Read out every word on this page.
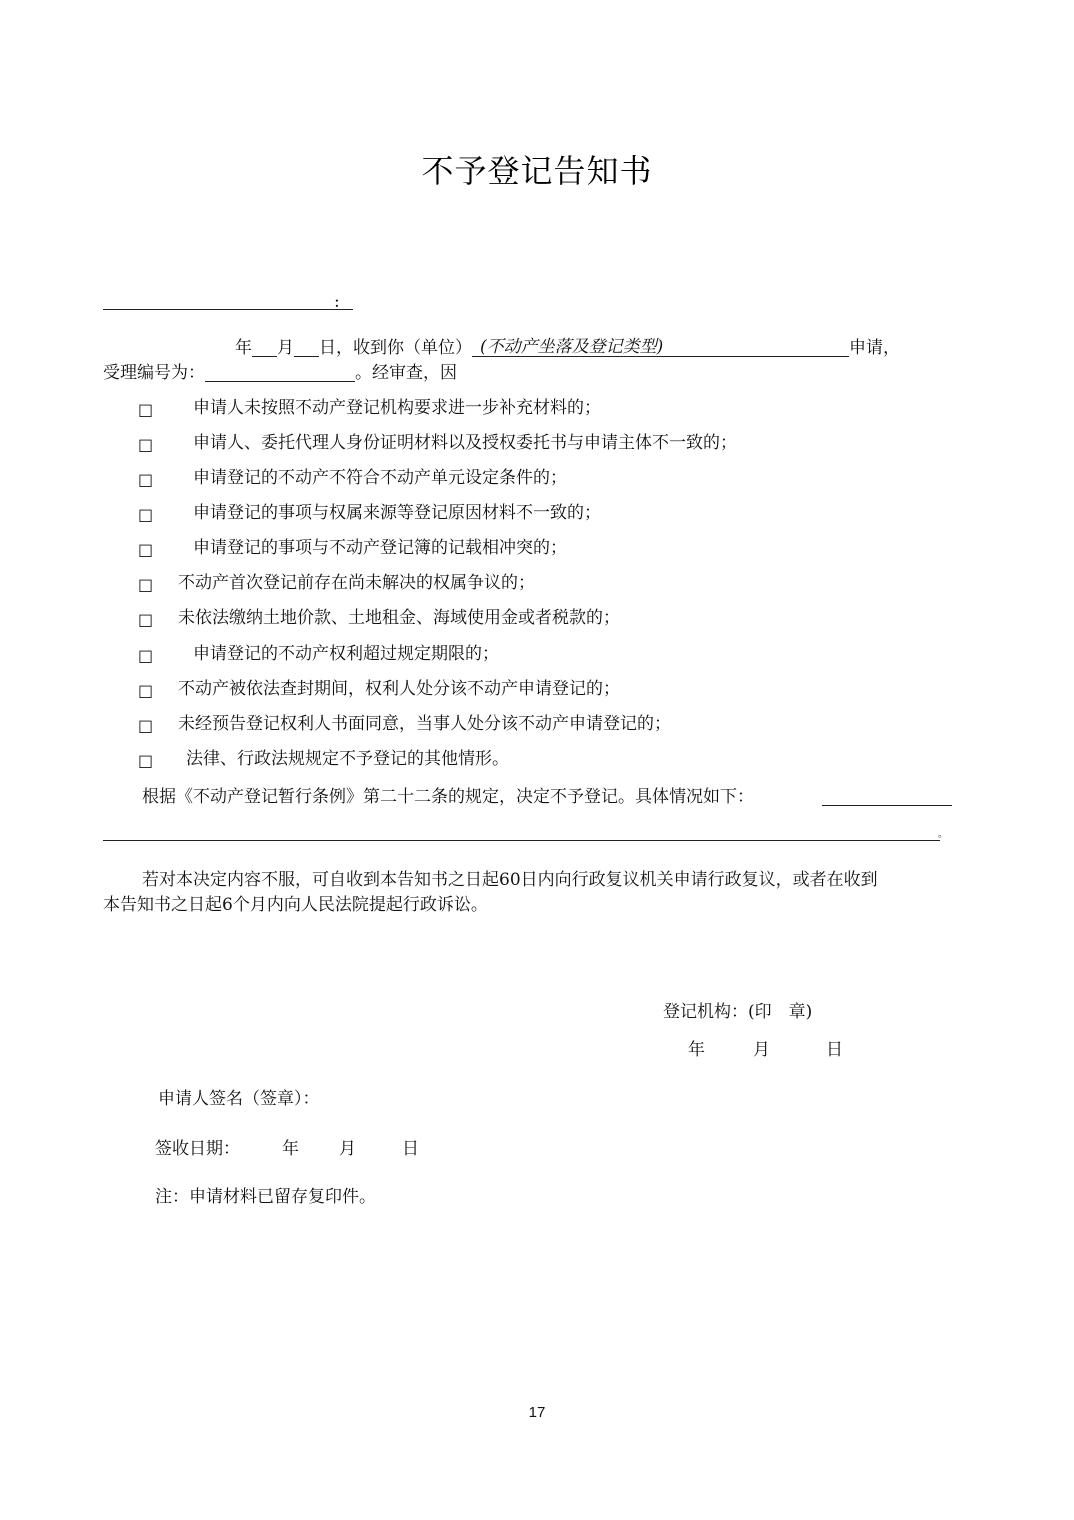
不予登记告知书
:
年 月 日，收到你（单位） (不动产坐落及登记类型)	申请，
受理编号为：	。经审查，因
□ 申请人未按照不动产登记机构要求进一步补充材料的；
□ 申请人、委托代理人身份证明材料以及授权委托书与申请主体不一致的；
□ 申请登记的不动产不符合不动产单元设定条件的；
□ 申请登记的事项与权属来源等登记原因材料不一致的；
□ 申请登记的事项与不动产登记簿的记载相冲突的；
□ 不动产首次登记前存在尚未解决的权属争议的；
□ 未依法缴纳土地价款、土地租金、海域使用金或者税款的；
□ 申请登记的不动产权利超过规定期限的；
□ 不动产被依法查封期间，权利人处分该不动产申请登记的；
□ 未经预告登记权利人书面同意，当事人处分该不动产申请登记的；
□ 法律、行政法规规定不予登记的其他情形。
根据《不动产登记暂行条例》第二十二条的规定，决定不予登记。具体情况如下：
。
若对本决定内容不服，可自收到本告知书之日起60日内向行政复议机关申请行政复议，或者在收到
本告知书之日起6个月内向人民法院提起行政诉讼。
登记机构：(印　章)
年	月	日
申请人签名（签章）：
签收日期： 年 月	日
注：申请材料已留存复印件。
17
